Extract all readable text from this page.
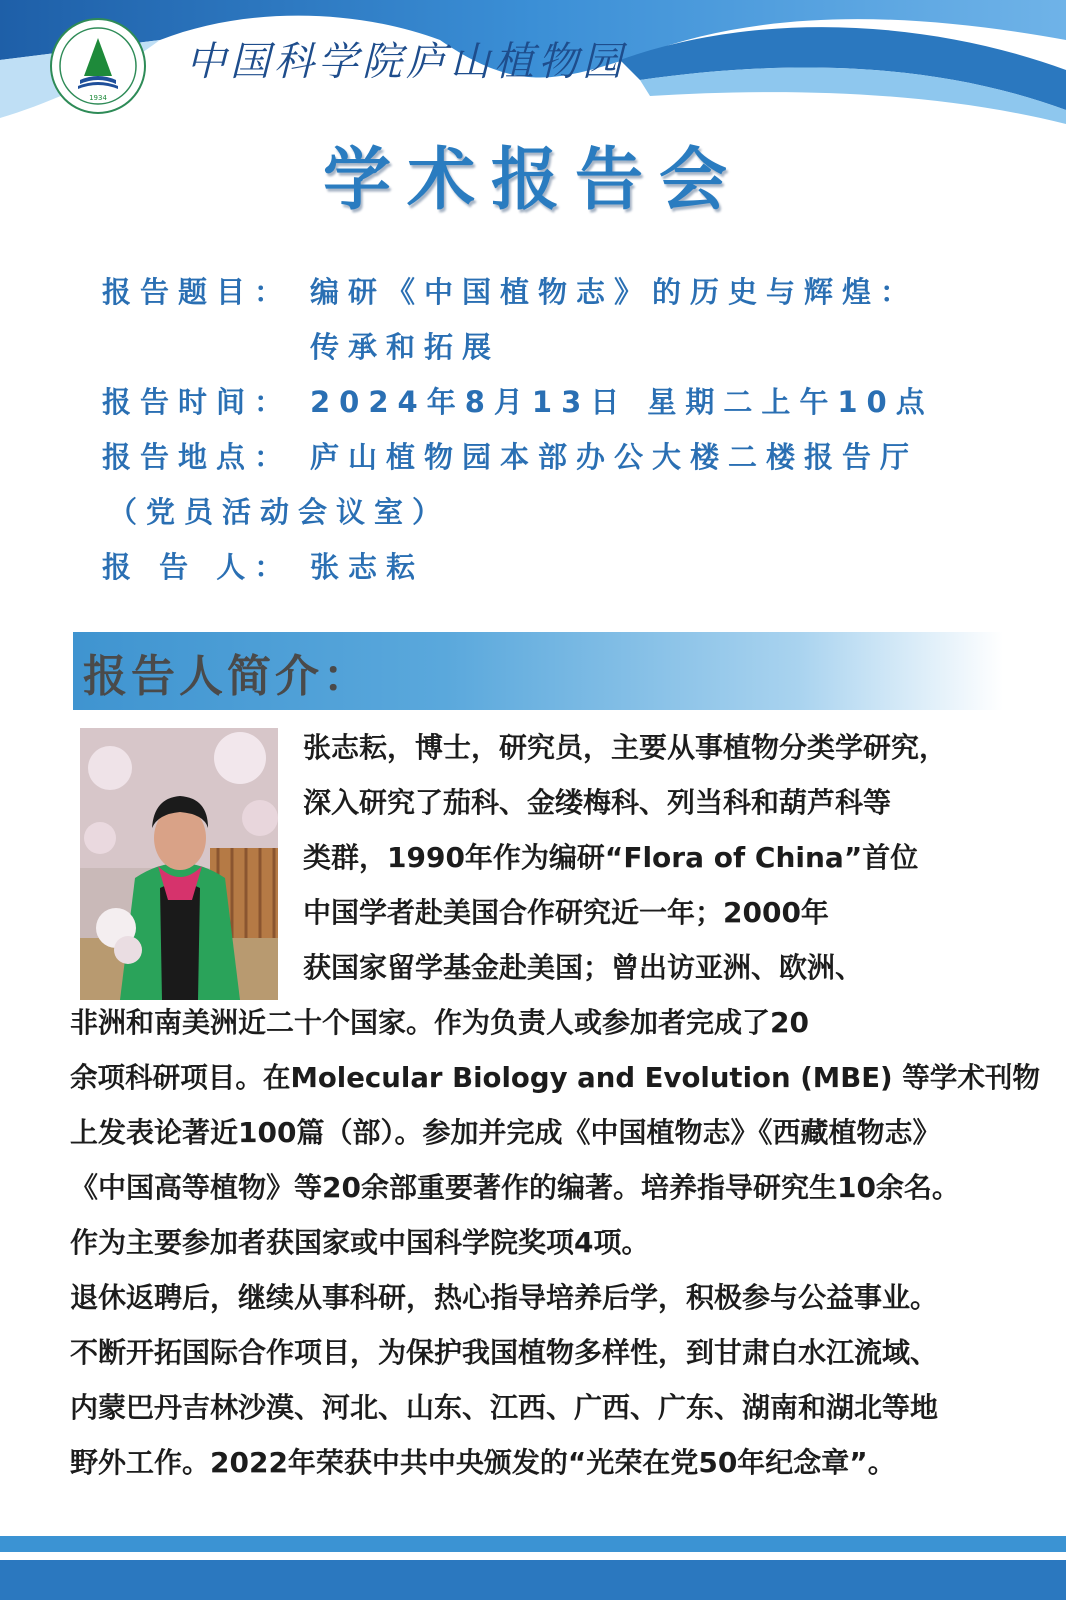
1934
中国科学院庐山植物园
学术报告会
报告题目： 编研《中国植物志》的历史与辉煌：
传承和拓展
报告时间： 2024年8月13日 星期二上午10点
报告地点： 庐山植物园本部办公大楼二楼报告厅
（党员活动会议室）
报 告 人： 张志耘
报告人简介：
张志耘，博士，研究员，主要从事植物分类学研究，
深入研究了茄科、金缕梅科、列当科和葫芦科等
类群，1990年作为编研“Flora of China”首位
中国学者赴美国合作研究近一年；2000年
获国家留学基金赴美国；曾出访亚洲、欧洲、
非洲和南美洲近二十个国家。作为负责人或参加者完成了20
余项科研项目。在Molecular Biology and Evolution (MBE) 等学术刊物
上发表论著近100篇（部）。参加并完成《中国植物志》《西藏植物志》
《中国高等植物》等20余部重要著作的编著。培养指导研究生10余名。
作为主要参加者获国家或中国科学院奖项4项。
退休返聘后，继续从事科研，热心指导培养后学，积极参与公益事业。
不断开拓国际合作项目，为保护我国植物多样性，到甘肃白水江流域、
内蒙巴丹吉林沙漠、河北、山东、江西、广西、广东、湖南和湖北等地
野外工作。2022年荣获中共中央颁发的“光荣在党50年纪念章”。
